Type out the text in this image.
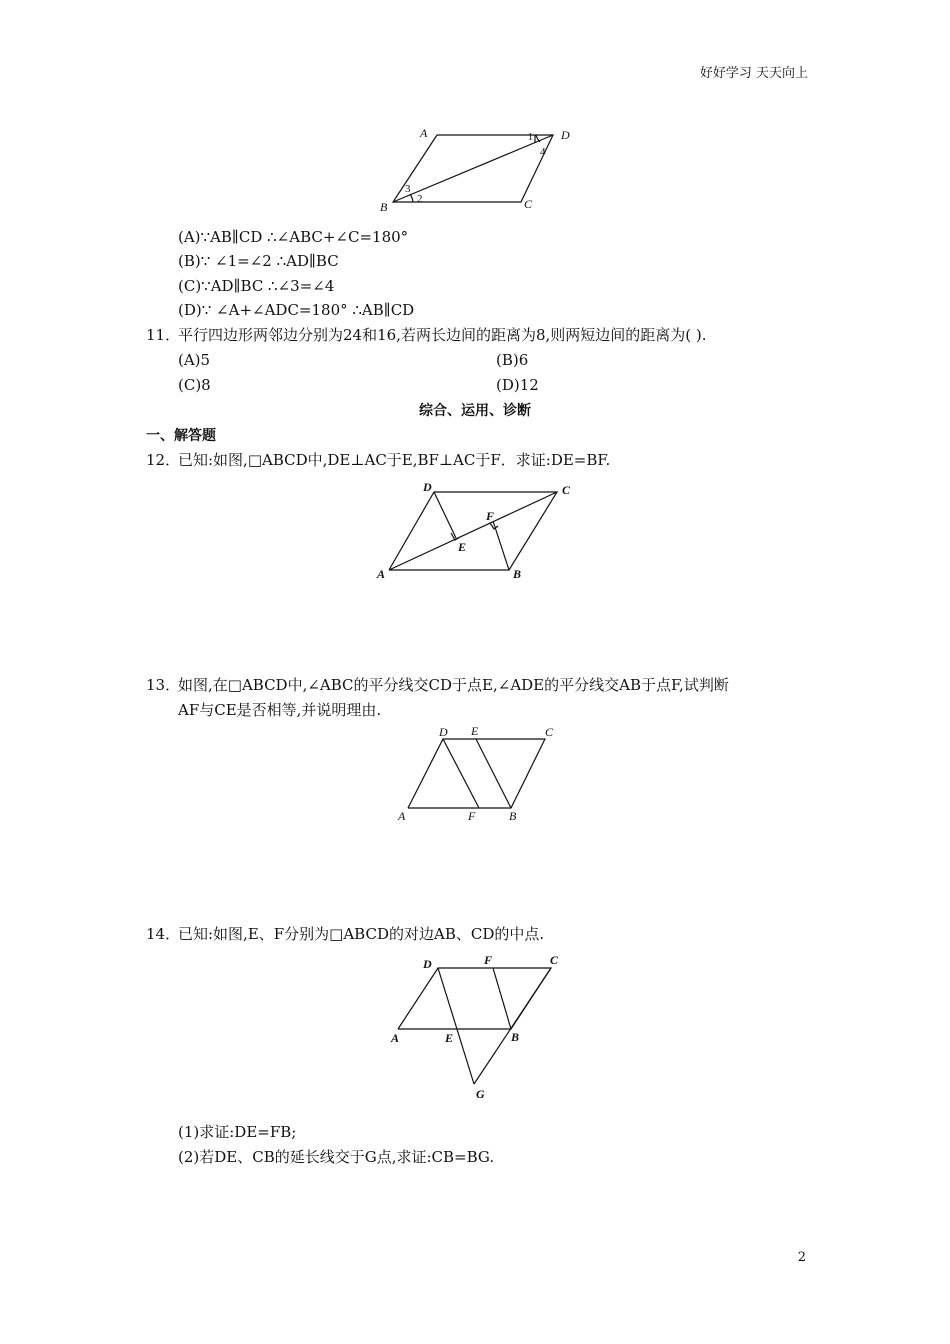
好好学习 天天向上
A	D
B	C
3
2
4
1
(A)∵AB∥CD ∴∠ABC+∠C=180°
(B)∵ ∠1=∠2 ∴AD∥BC
(C)∵AD∥BC ∴∠3=∠4
(D)∵ ∠A+∠ADC=180° ∴AB∥CD
11．
平行四边形两邻边分别为24和16,若两长边间的距离为8,则两短边间的距离为( ).
(A)5	(B)6
(C)8	(D)12
综合、运用、诊断
一、解答题
12．
已知:如图,□ABCD中,DE⊥AC于E,BF⊥AC于F．求证:DE=BF.
D	C
F
E
A	B
13．
如图,在□ABCD中,∠ABC的平分线交CD于点E,∠ADE的平分线交AB于点F,试判断
AF与CE是否相等,并说明理由.
D E	C
A	F	B
14．
已知:如图,E、F分别为□ABCD的对边AB、CD的中点.
D	F	C
A	E	B
G
(1)求证:DE=FB;
(2)若DE、CB的延长线交于G点,求证:CB=BG.
2
